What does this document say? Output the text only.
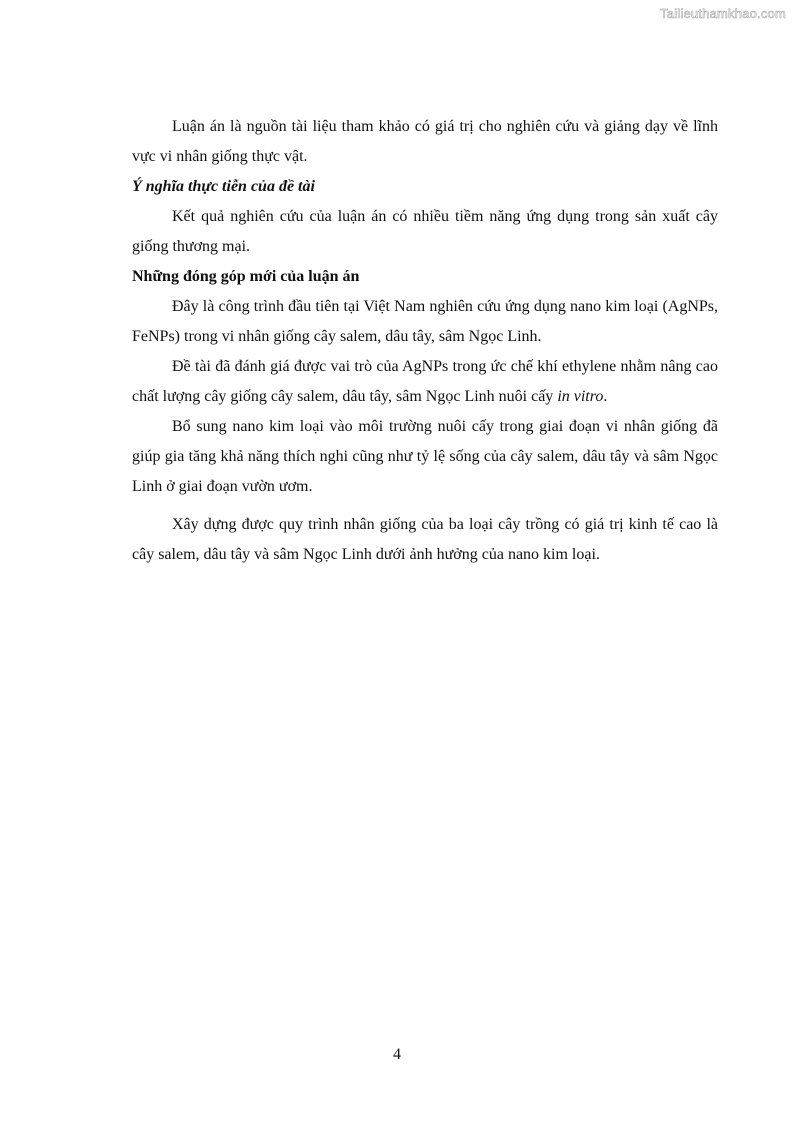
Tailieuthamkhao.com

Luận án là nguồn tài liệu tham khảo có giá trị cho nghiên cứu và giảng dạy về lĩnh vực vi nhân giống thực vật.

Ý nghĩa thực tiễn của đề tài

Kết quả nghiên cứu của luận án có nhiều tiềm năng ứng dụng trong sản xuất cây giống thương mại.

Những đóng góp mới của luận án

Đây là công trình đầu tiên tại Việt Nam nghiên cứu ứng dụng nano kim loại (AgNPs, FeNPs) trong vi nhân giống cây salem, dâu tây, sâm Ngọc Linh.

Đề tài đã đánh giá được vai trò của AgNPs trong ức chế khí ethylene nhằm nâng cao chất lượng cây giống cây salem, dâu tây, sâm Ngọc Linh nuôi cấy in vitro.

Bổ sung nano kim loại vào môi trường nuôi cấy trong giai đoạn vi nhân giống đã giúp gia tăng khả năng thích nghi cũng như tỷ lệ sống của cây salem, dâu tây và sâm Ngọc Linh ở giai đoạn vườn ươm.

Xây dựng được quy trình nhân giống của ba loại cây trồng có giá trị kinh tế cao là cây salem, dâu tây và sâm Ngọc Linh dưới ảnh hưởng của nano kim loại.

4
